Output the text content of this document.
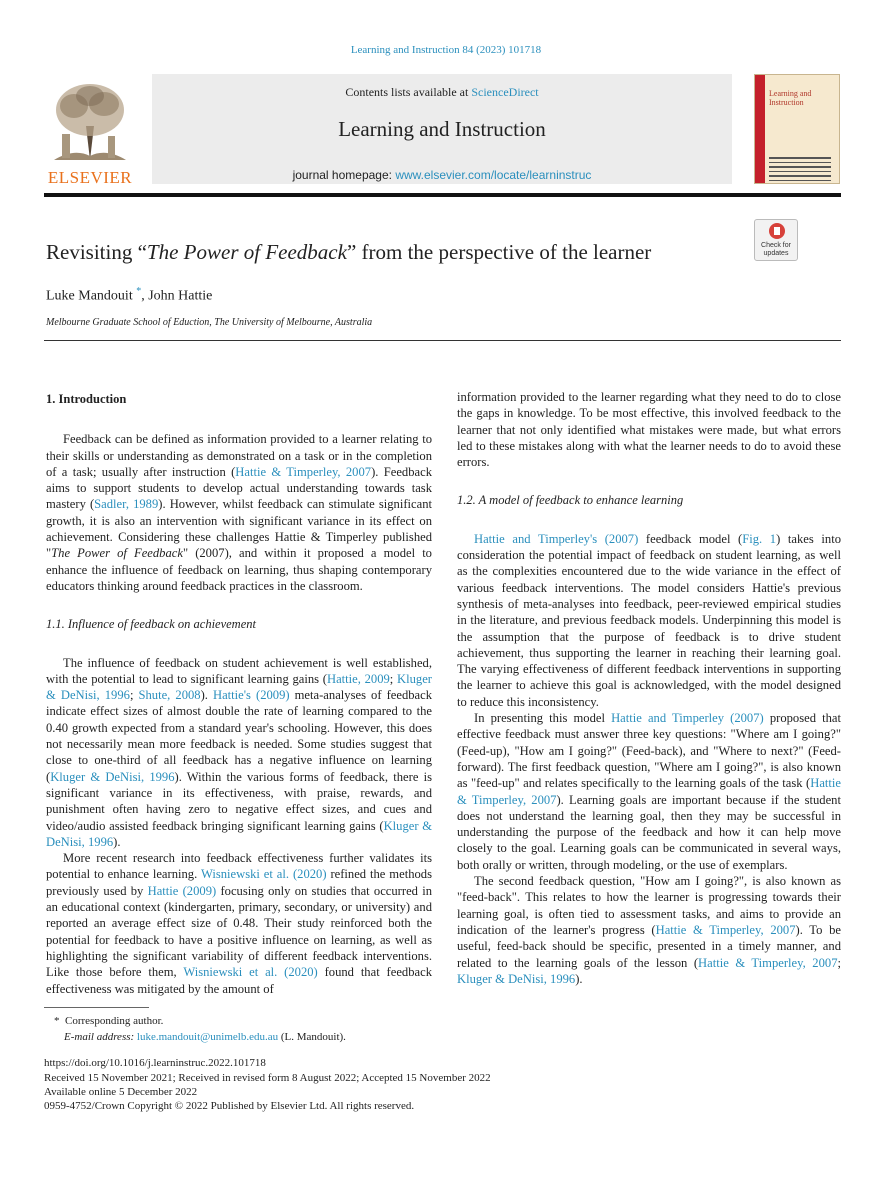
Learning and Instruction 84 (2023) 101718
ELSEVIER
Contents lists available at ScienceDirect
Learning and Instruction
journal homepage: www.elsevier.com/locate/learninstruc
Learning and Instruction
Revisiting “The Power of Feedback” from the perspective of the learner	Check for updates
Luke Mandouit *, John Hattie
Melbourne Graduate School of Eduction, The University of Melbourne, Australia
1. Introduction

Feedback can be defined as information provided to a learner relating to their skills or understanding as demonstrated on a task or in the completion of a task; usually after instruction (Hattie & Timperley, 2007). Feedback aims to support students to develop actual understanding towards task mastery (Sadler, 1989). However, whilst feedback can stimulate significant growth, it is also an intervention with significant variance in its effect on achievement. Considering these challenges Hattie & Timperley published "The Power of Feedback" (2007), and within it proposed a model to enhance the influence of feedback on learning, thus shaping contemporary educators thinking around feedback practices in the classroom.

1.1. Influence of feedback on achievement

The influence of feedback on student achievement is well established, with the potential to lead to significant learning gains (Hattie, 2009; Kluger & DeNisi, 1996; Shute, 2008). Hattie's (2009) meta-analyses of feedback indicate effect sizes of almost double the rate of learning compared to the 0.40 growth expected from a standard year's schooling. However, this does not necessarily mean more feedback is needed. Some studies suggest that close to one-third of all feedback has a negative influence on learning (Kluger & DeNisi, 1996). Within the various forms of feedback, there is significant variance in its effectiveness, with praise, rewards, and punishment often having zero to negative effect sizes, and cues and video/audio assisted feedback bringing significant learning gains (Kluger & DeNisi, 1996).

More recent research into feedback effectiveness further validates its potential to enhance learning. Wisniewski et al. (2020) refined the methods previously used by Hattie (2009) focusing only on studies that occurred in an educational context (kindergarten, primary, secondary, or university) and reported an average effect size of 0.48. Their study reinforced both the potential for feedback to have a positive influence on learning, as well as highlighting the significant variability of different feedback interventions. Like those before them, Wisniewski et al. (2020) found that feedback effectiveness was mitigated by the amount of

information provided to the learner regarding what they need to do to close the gaps in knowledge. To be most effective, this involved feedback to the learner that not only identified what mistakes were made, but what errors led to these mistakes along with what the learner needs to do to avoid these errors.

1.2. A model of feedback to enhance learning

Hattie and Timperley's (2007) feedback model (Fig. 1) takes into consideration the potential impact of feedback on student learning, as well as the complexities encountered due to the wide variance in the effect of various feedback interventions. The model considers Hattie's previous synthesis of meta-analyses into feedback, peer-reviewed empirical studies in the literature, and previous feedback models. Underpinning this model is the assumption that the purpose of feedback is to drive student achievement, thus supporting the learner in reaching their learning goal. The varying effectiveness of different feedback interventions in supporting the learner to achieve this goal is acknowledged, with the model designed to reduce this inconsistency.

In presenting this model Hattie and Timperley (2007) proposed that effective feedback must answer three key questions: "Where am I going?" (Feed-up), "How am I going?" (Feed-back), and "Where to next?" (Feed-forward). The first feedback question, "Where am I going?", is also known as "feed-up" and relates specifically to the learning goals of the task (Hattie & Timperley, 2007). Learning goals are important because if the student does not understand the learning goal, then they may be successful in understanding the purpose of the feedback and how it can help move closely to the goal. Learning goals can be communicated in several ways, both orally or written, through modeling, or the use of exemplars.

The second feedback question, "How am I going?", is also known as "feed-back". This relates to how the learner is progressing towards their learning goal, is often tied to assessment tasks, and aims to provide an indication of the learner's progress (Hattie & Timperley, 2007). To be useful, feed-back should be specific, presented in a timely manner, and related to the learning goals of the lesson (Hattie & Timperley, 2007; Kluger & DeNisi, 1996).

* Corresponding author.
E-mail address: luke.mandouit@unimelb.edu.au (L. Mandouit).
https://doi.org/10.1016/j.learninstruc.2022.101718
Received 15 November 2021; Received in revised form 8 August 2022; Accepted 15 November 2022
Available online 5 December 2022
0959-4752/Crown Copyright © 2022 Published by Elsevier Ltd. All rights reserved.
